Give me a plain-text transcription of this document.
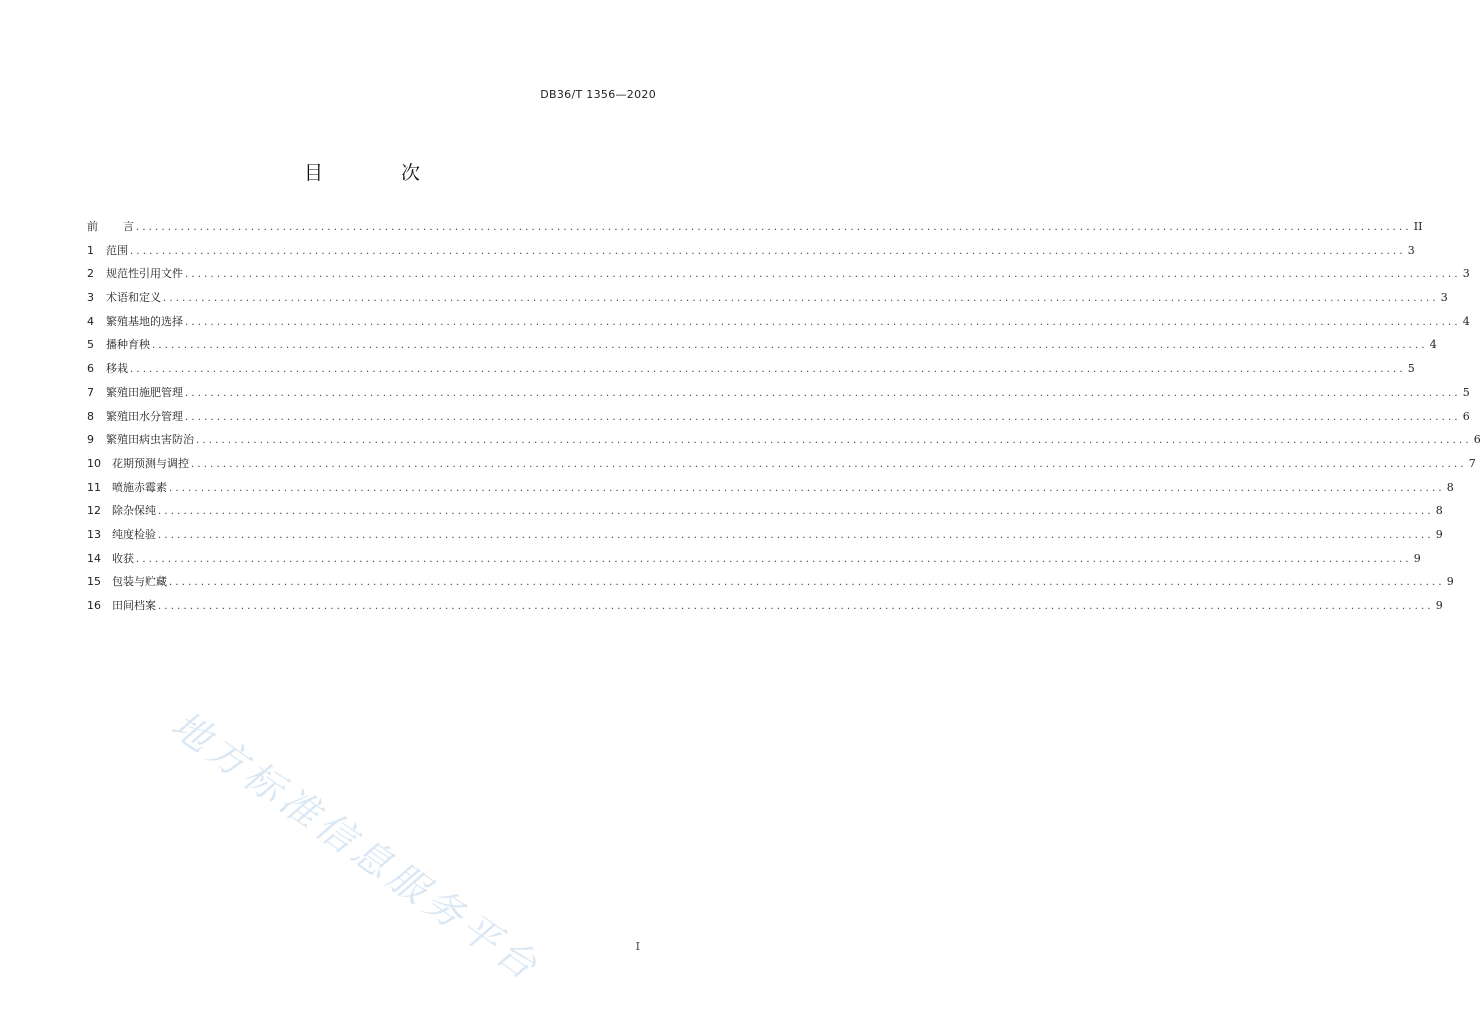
DB36/T 1356—2020
目 次
前	言 ........................................................................................................................................................................................................ II
1	范围 ........................................................................................................................................................................................................ 3
2	规范性引用文件 ........................................................................................................................................................................................................ 3
3	术语和定义 ........................................................................................................................................................................................................ 3
4	繁殖基地的选择 ........................................................................................................................................................................................................ 4
5	播种育秧 ........................................................................................................................................................................................................ 4
6	移栽 ........................................................................................................................................................................................................ 5
7	繁殖田施肥管理 ........................................................................................................................................................................................................ 5
8	繁殖田水分管理 ........................................................................................................................................................................................................ 6
9	繁殖田病虫害防治 ........................................................................................................................................................................................................ 6
10	花期预测与调控 ........................................................................................................................................................................................................ 7
11	喷施赤霉素 ........................................................................................................................................................................................................ 8
12	除杂保纯 ........................................................................................................................................................................................................ 8
13	纯度检验 ........................................................................................................................................................................................................ 9
14	收获 ........................................................................................................................................................................................................ 9
15	包装与贮藏 ........................................................................................................................................................................................................ 9
16	田间档案 ........................................................................................................................................................................................................ 9
地方标准信息服务平台	I
